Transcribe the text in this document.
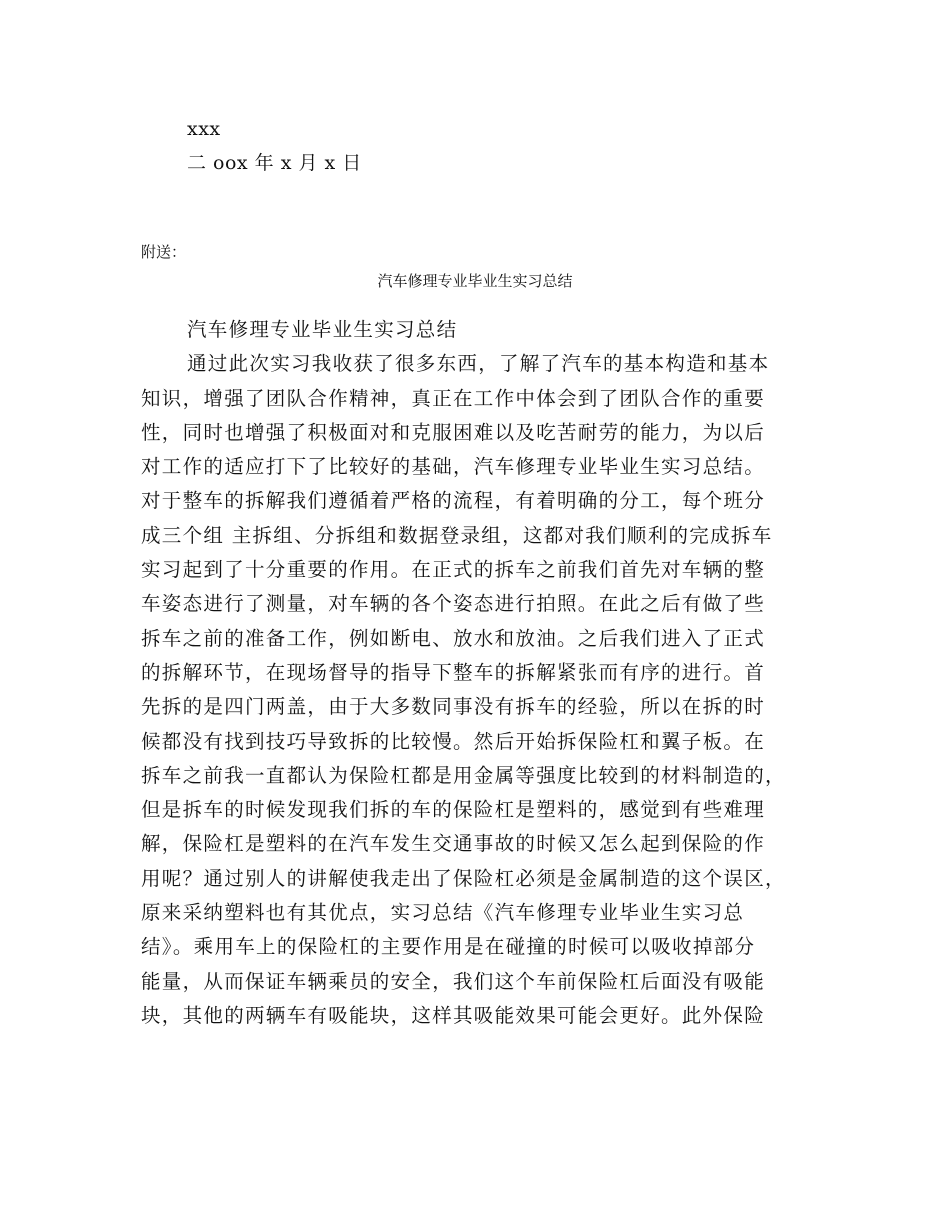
xxx
二 oox 年 x 月 x 日
附送：
汽车修理专业毕业生实习总结
汽车修理专业毕业生实习总结
通过此次实习我收获了很多东西，了解了汽车的基本构造和基本
知识，增强了团队合作精神，真正在工作中体会到了团队合作的重要
性，同时也增强了积极面对和克服困难以及吃苦耐劳的能力，为以后
对工作的适应打下了比较好的基础，汽车修理专业毕业生实习总结。
对于整车的拆解我们遵循着严格的流程，有着明确的分工，每个班分
成三个组 主拆组、分拆组和数据登录组，这都对我们顺利的完成拆车
实习起到了十分重要的作用。在正式的拆车之前我们首先对车辆的整
车姿态进行了测量，对车辆的各个姿态进行拍照。在此之后有做了些
拆车之前的准备工作，例如断电、放水和放油。之后我们进入了正式
的拆解环节，在现场督导的指导下整车的拆解紧张而有序的进行。首
先拆的是四门两盖，由于大多数同事没有拆车的经验，所以在拆的时
候都没有找到技巧导致拆的比较慢。然后开始拆保险杠和翼子板。在
拆车之前我一直都认为保险杠都是用金属等强度比较到的材料制造的，
但是拆车的时候发现我们拆的车的保险杠是塑料的，感觉到有些难理
解，保险杠是塑料的在汽车发生交通事故的时候又怎么起到保险的作
用呢？通过别人的讲解使我走出了保险杠必须是金属制造的这个误区，
原来采纳塑料也有其优点，实习总结《汽车修理专业毕业生实习总
结》。乘用车上的保险杠的主要作用是在碰撞的时候可以吸收掉部分
能量，从而保证车辆乘员的安全，我们这个车前保险杠后面没有吸能
块，其他的两辆车有吸能块，这样其吸能效果可能会更好。此外保险
